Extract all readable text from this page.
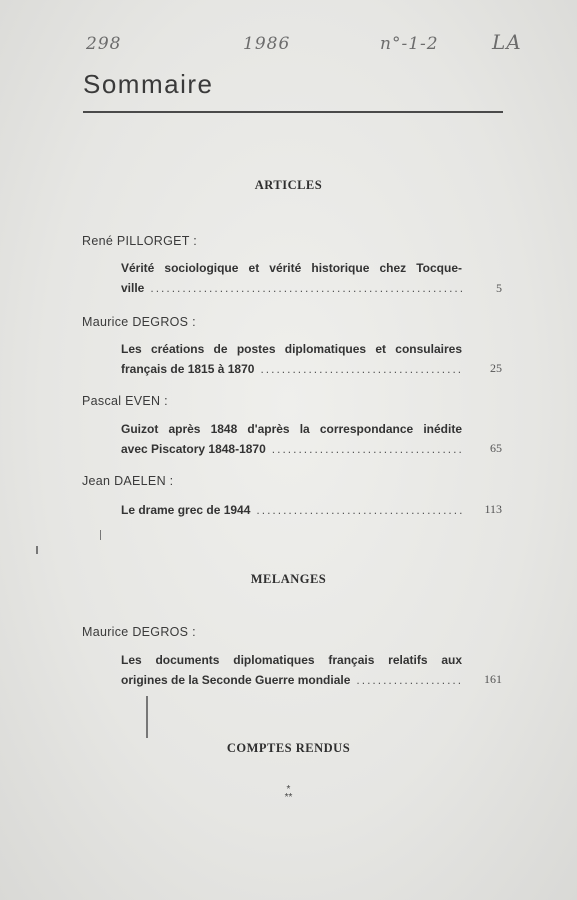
298	1986	n°-1-2	LA
Sommaire
ARTICLES
René PILLORGET :
Vérité sociologique et vérité historique chez Tocque-
ville .....	5
Maurice DEGROS :
Les créations de postes diplomatiques et consulaires
français de 1815 à 1870 .....	25
Pascal EVEN :
Guizot après 1848 d'après la correspondance inédite
avec Piscatory 1848-1870 .....	65
Jean DAELEN :
Le drame grec de 1944 .....	113
MELANGES
Maurice DEGROS :
Les documents diplomatiques français relatifs aux
origines de la Seconde Guerre mondiale .....	161
COMPTES RENDUS
*
**
